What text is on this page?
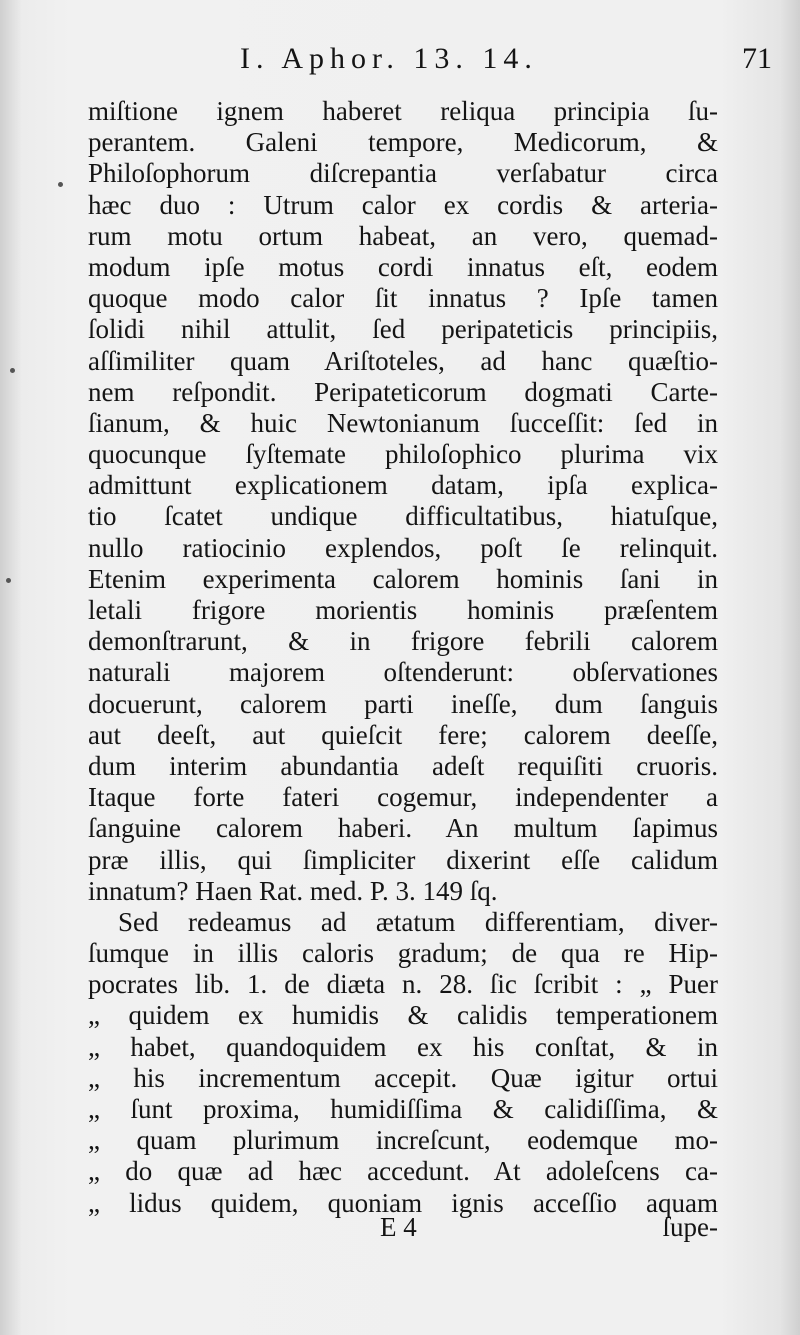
I. Aphor. 13. 14.	71
miſtione ignem haberet reliqua principia ſu-
perantem. Galeni tempore, Medicorum, &
Philoſophorum diſcrepantia verſabatur circa
hæc duo : Utrum calor ex cordis & arteria-
rum motu ortum habeat, an vero, quemad-
modum ipſe motus cordi innatus eſt, eodem
quoque modo calor ſit innatus ? Ipſe tamen
ſolidi nihil attulit, ſed peripateticis principiis,
aſſimiliter quam Ariſtoteles, ad hanc quæſtio-
nem reſpondit. Peripateticorum dogmati Carte-
ſianum, & huic Newtonianum ſucceſſit: ſed in
quocunque ſyſtemate philoſophico plurima vix
admittunt explicationem datam, ipſa explica-
tio ſcatet undique difficultatibus, hiatuſque,
nullo ratiocinio explendos, poſt ſe relinquit.
Etenim experimenta calorem hominis ſani in
letali frigore morientis hominis præſentem
demonſtrarunt, & in frigore febrili calorem
naturali majorem oſtenderunt: obſervationes
docuerunt, calorem parti ineſſe, dum ſanguis
aut deeſt, aut quieſcit fere; calorem deeſſe,
dum interim abundantia adeſt requiſiti cruoris.
Itaque forte fateri cogemur, independenter a
ſanguine calorem haberi. An multum ſapimus
præ illis, qui ſimpliciter dixerint eſſe calidum
innatum? Haen Rat. med. P. 3. 149 ſq.
Sed redeamus ad ætatum differentiam, diver-
ſumque in illis caloris gradum; de qua re Hip-
pocrates lib. 1. de diæta n. 28. ſic ſcribit : „ Puer
„ quidem ex humidis & calidis temperationem
„ habet, quandoquidem ex his conſtat, & in
„ his incrementum accepit. Quæ igitur ortui
„ ſunt proxima, humidiſſima & calidiſſima, &
„ quam plurimum increſcunt, eodemque mo-
„ do quæ ad hæc accedunt. At adoleſcens ca-
„ lidus quidem, quoniam ignis acceſſio aquam
E 4	ſupe-
